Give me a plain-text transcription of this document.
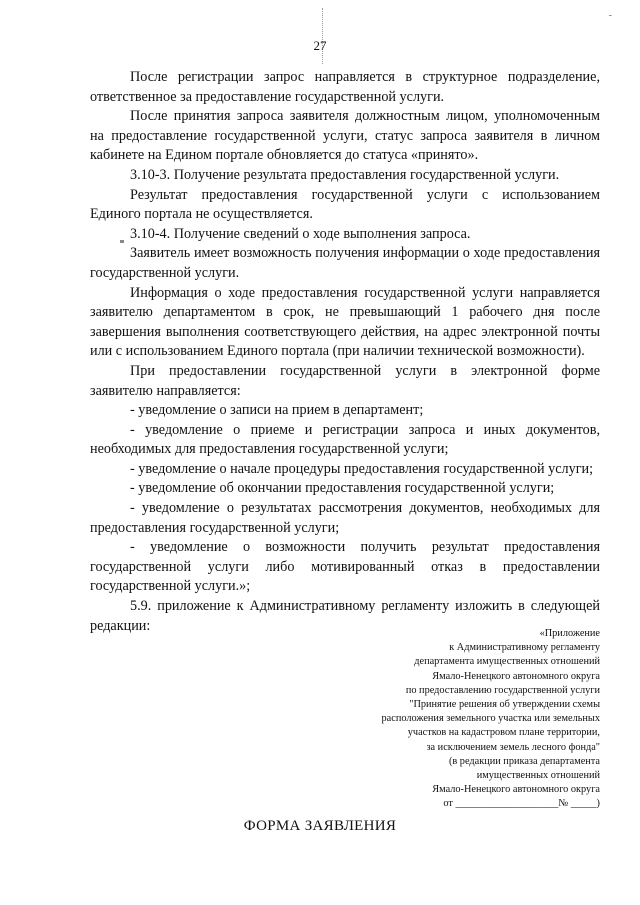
-
27

После регистрации запрос направляется в структурное подразделение, ответственное за предоставление государственной услуги.

После принятия запроса заявителя должностным лицом, уполномоченным на предоставление государственной услуги, статус запроса заявителя в личном кабинете на Едином портале обновляется до статуса «принято».

3.10-3. Получение результата предоставления государственной услуги.

Результат предоставления государственной услуги с использованием Единого портала не осуществляется.

3.10-4. Получение сведений о ходе выполнения запроса.

Заявитель имеет возможность получения информации о ходе предоставления государственной услуги.

Информация о ходе предоставления государственной услуги направляется заявителю департаментом в срок, не превышающий 1 рабочего дня после завершения выполнения соответствующего действия, на адрес электронной почты или с использованием Единого портала (при наличии технической возможности).

При предоставлении государственной услуги в электронной форме заявителю направляется:

- уведомление о записи на прием в департамент;

- уведомление о приеме и регистрации запроса и иных документов, необходимых для предоставления государственной услуги;

- уведомление о начале процедуры предоставления государственной услуги;

- уведомление об окончании предоставления государственной услуги;

- уведомление о результатах рассмотрения документов, необходимых для предоставления государственной услуги;

- уведомление о возможности получить результат предоставления государственной услуги либо мотивированный отказ в предоставлении государственной услуги.»;

5.9. приложение к Административному регламенту изложить в следующей редакции:	«Приложение
к Административному регламенту
департамента имущественных отношений
Ямало-Ненецкого автономного округа
по предоставлению государственной услуги
"Принятие решения об утверждении схемы
расположения земельного участка или земельных
участков на кадастровом плане территории,
за исключением земель лесного фонда"
(в редакции приказа департамента
имущественных отношений
Ямало-Ненецкого автономного округа
от ____________________№ _____)
ФОРМА ЗАЯВЛЕНИЯ
